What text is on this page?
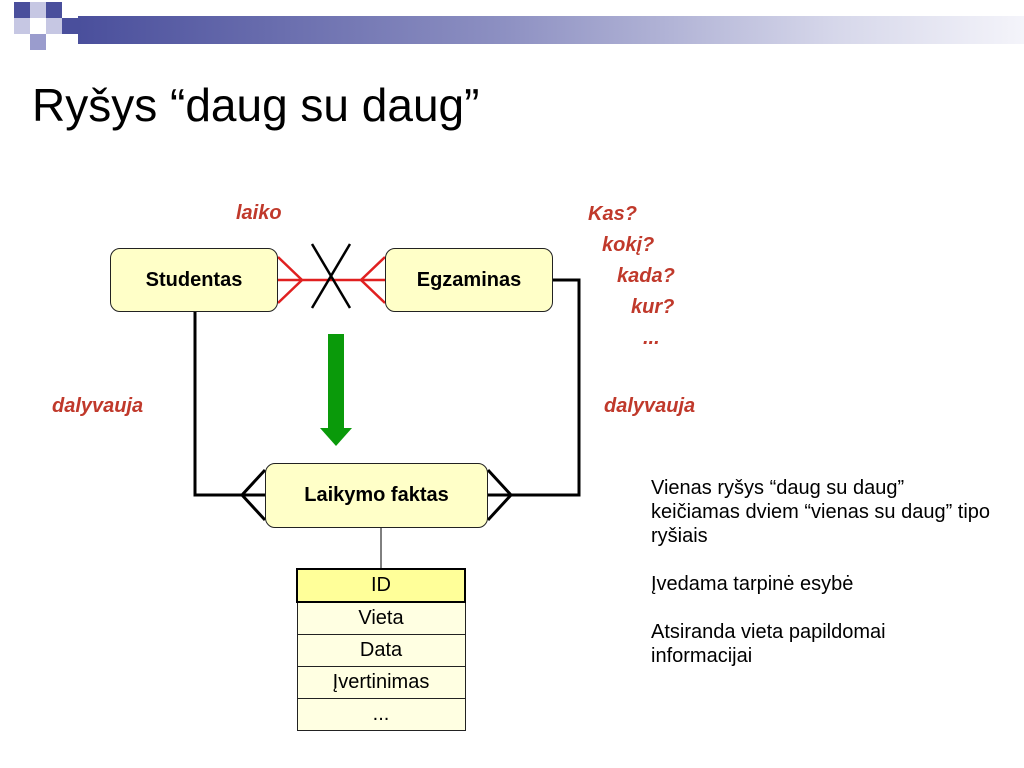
Ryšys “daug su daug”
Studentas	Egzaminas
Laikymo faktas

laiko

dalyvauja	dalyvauja

Kas?
kokį?
kada?
kur?
...
ID
Vieta
Data
Įvertinimas
...

Vienas ryšys “daug su daug” keičiamas dviem “vienas su daug” tipo ryšiais

Įvedama tarpinė esybė

Atsiranda vieta papildomai informacijai
